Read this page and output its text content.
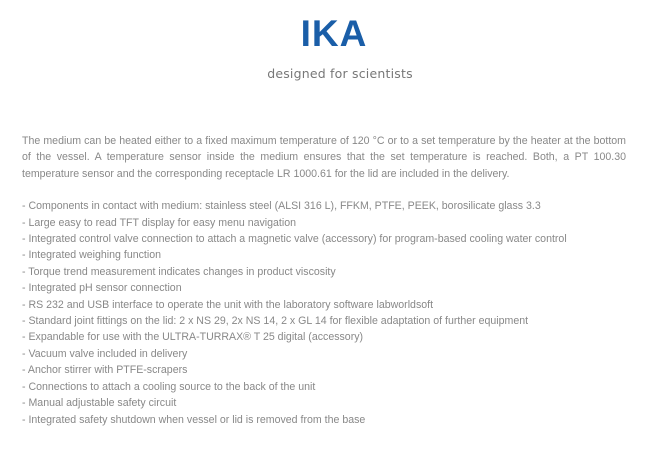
IKA
designed for scientists

The medium can be heated either to a fixed maximum temperature of 120 °C or to a set temperature by the heater at the bottom of the vessel. A temperature sensor inside the medium ensures that the set temperature is reached. Both, a PT 100.30 temperature sensor and the corresponding receptacle LR 1000.61 for the lid are included in the delivery.

- Components in contact with medium: stainless steel (ALSI 316 L), FFKM, PTFE, PEEK, borosilicate glass 3.3
- Large easy to read TFT display for easy menu navigation
- Integrated control valve connection to attach a magnetic valve (accessory) for program-based cooling water control
- Integrated weighing function
- Torque trend measurement indicates changes in product viscosity
- Integrated pH sensor connection
- RS 232 and USB interface to operate the unit with the laboratory software labworldsoft
- Standard joint fittings on the lid: 2 x NS 29, 2x NS 14, 2 x GL 14 for flexible adaptation of further equipment
- Expandable for use with the ULTRA-TURRAX® T 25 digital (accessory)
- Vacuum valve included in delivery
- Anchor stirrer with PTFE-scrapers
- Connections to attach a cooling source to the back of the unit
- Manual adjustable safety circuit
- Integrated safety shutdown when vessel or lid is removed from the base
